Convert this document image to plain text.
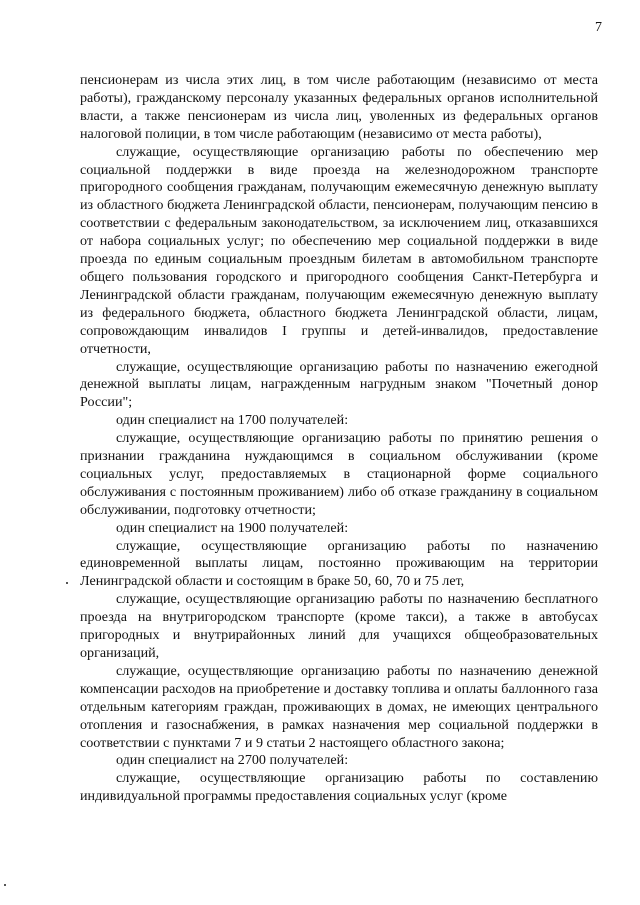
7

пенсионерам из числа этих лиц, в том числе работающим (независимо от места работы), гражданскому персоналу указанных федеральных органов исполнительной власти, а также пенсионерам из числа лиц, уволенных из федеральных органов налоговой полиции, в том числе работающим (независимо от места работы),

служащие, осуществляющие организацию работы по обеспечению мер социальной поддержки в виде проезда на железнодорожном транспорте пригородного сообщения гражданам, получающим ежемесячную денежную выплату из областного бюджета Ленинградской области, пенсионерам, получающим пенсию в соответствии с федеральным законодательством, за исключением лиц, отказавшихся от набора социальных услуг; по обеспечению мер социальной поддержки в виде проезда по единым социальным проездным билетам в автомобильном транспорте общего пользования городского и пригородного сообщения Санкт-Петербурга и Ленинградской области гражданам, получающим ежемесячную денежную выплату из федерального бюджета, областного бюджета Ленинградской области, лицам, сопровождающим инвалидов I группы и детей-инвалидов, предоставление отчетности,

служащие, осуществляющие организацию работы по назначению ежегодной денежной выплаты лицам, награжденным нагрудным знаком "Почетный донор России";

один специалист на 1700 получателей:

служащие, осуществляющие организацию работы по принятию решения о признании гражданина нуждающимся в социальном обслуживании (кроме социальных услуг, предоставляемых в стационарной форме социального обслуживания с постоянным проживанием) либо об отказе гражданину в социальном обслуживании, подготовку отчетности;

один специалист на 1900 получателей:

служащие, осуществляющие организацию работы по назначению единовременной выплаты лицам, постоянно проживающим на территории Ленинградской области и состоящим в браке 50, 60, 70 и 75 лет,

служащие, осуществляющие организацию работы по назначению бесплатного проезда на внутригородском транспорте (кроме такси), а также в автобусах пригородных и внутрирайонных линий для учащихся общеобразовательных организаций,

служащие, осуществляющие организацию работы по назначению денежной компенсации расходов на приобретение и доставку топлива и оплаты баллонного газа отдельным категориям граждан, проживающих в домах, не имеющих центрального отопления и газоснабжения, в рамках назначения мер социальной поддержки в соответствии с пунктами 7 и 9 статьи 2 настоящего областного закона;

один специалист на 2700 получателей:

служащие, осуществляющие организацию работы по составлению индивидуальной программы предоставления социальных услуг (кроме
